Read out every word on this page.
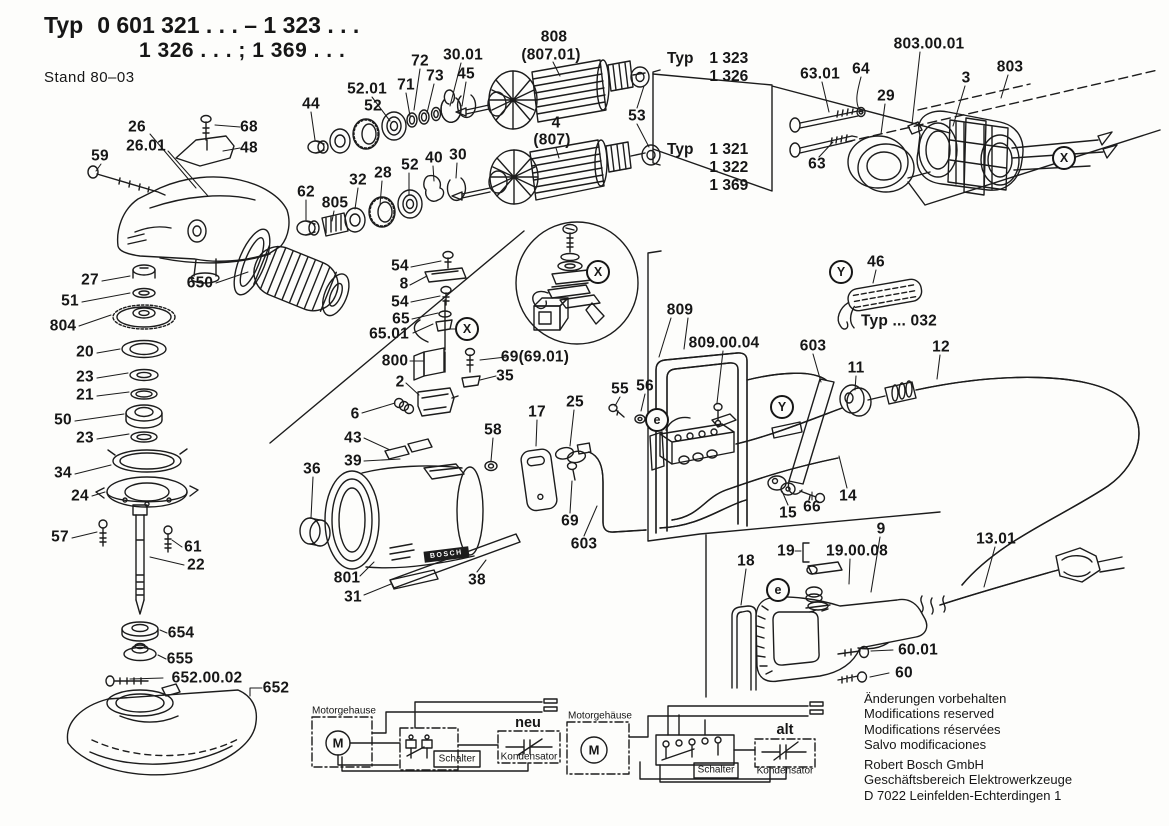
Typ 0 601 321 . . . – 1 323 . . .
1 326 . . . ; 1 369 . . .
Stand 80–03
Typ 1 323
1 326
Typ 1 321
1 322
1 369
808
(807.01)
30.01
45
72
73
71
52.01
52
44
4
(807)
53
803.00.01
63.01 64
29
3
803
63
26
26.01
68
48
59
62
805
32 28 52 40 30
650
27
51
804
20
23
21
50
23
34
24
57
61
22
654
655
652.00.02
652
54
8
54
65
65.01
800	69(69.01)
2	35
6
43
39
36
58
17
25
69
603
801
31
38
809
809.00.04
55 56
603
11
12
46
Typ ... 032
14
15 66
9
18
19 19.00.08
60.01
60
13.01
X
X
X
Y
Y
e
e
BOSCH
Motorgehause
M
Schalter
neu
Kondensator
Motorgehäuse
M
Schalter
alt
Kondensator
Änderungen vorbehalten
Modifications reserved
Modifications réservées
Salvo modificaciones
Robert Bosch GmbH
Geschäftsbereich Elektrowerkzeuge
D 7022 Leinfelden-Echterdingen 1
